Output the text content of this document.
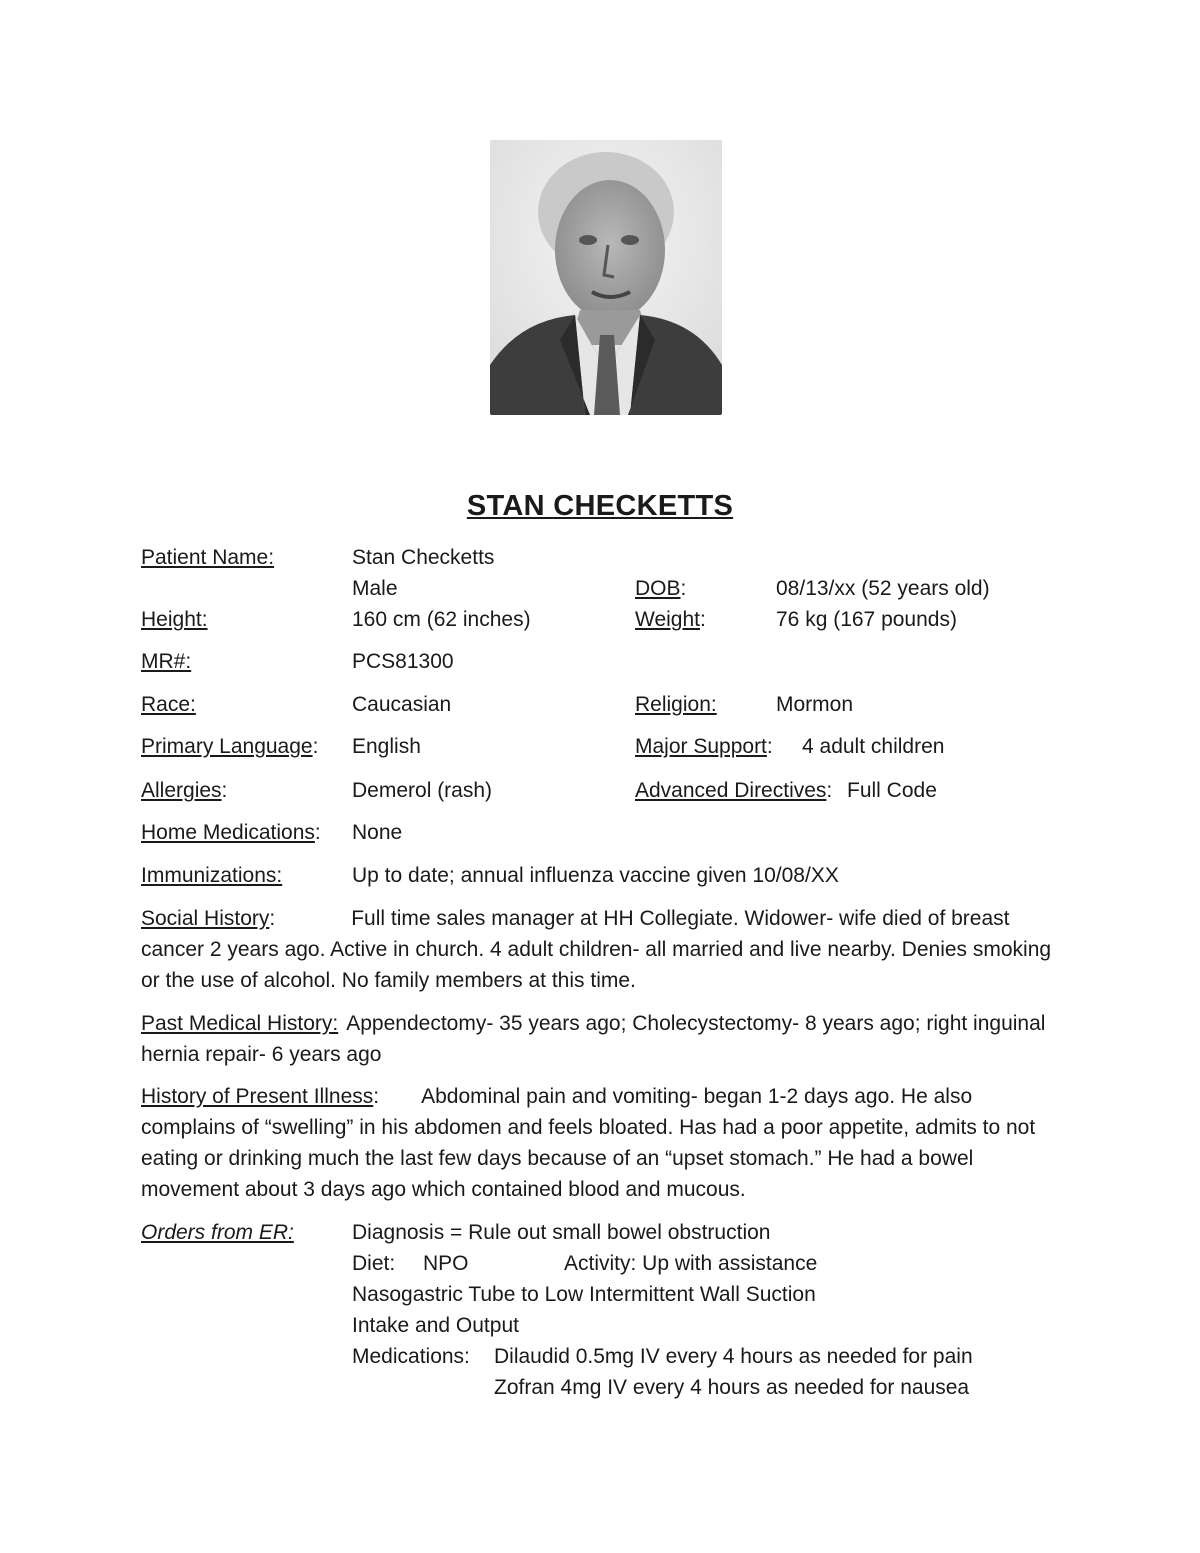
STAN CHECKETTS
Patient Name:	Stan Checketts
Male	DOB:	08/13/xx (52 years old)
Height:	160 cm (62 inches)	Weight:	76 kg (167 pounds)
MR#:	PCS81300
Race:	Caucasian	Religion:	Mormon
Primary Language: English	Major Support: 4 adult children
Allergies:	Demerol (rash)	Advanced Directives: Full Code
Home Medications: None
Immunizations:	Up to date; annual influenza vaccine given 10/08/XX
Social History:	Full time sales manager at HH Collegiate. Widower- wife died of breast cancer 2 years ago. Active in church. 4 adult children- all married and live nearby. Denies smoking or the use of alcohol. No family members at this time.
Past Medical History: Appendectomy- 35 years ago; Cholecystectomy- 8 years ago; right inguinal hernia repair- 6 years ago
History of Present Illness: Abdominal pain and vomiting- began 1-2 days ago. He also complains of “swelling” in his abdomen and feels bloated. Has had a poor appetite, admits to not eating or drinking much the last few days because of an “upset stomach.” He had a bowel movement about 3 days ago which contained blood and mucous.
Orders from ER:	Diagnosis = Rule out small bowel obstruction
Diet: NPO	Activity: Up with assistance
Nasogastric Tube to Low Intermittent Wall Suction
Intake and Output
Medications: Dilaudid 0.5mg IV every 4 hours as needed for pain
Zofran 4mg IV every 4 hours as needed for nausea
